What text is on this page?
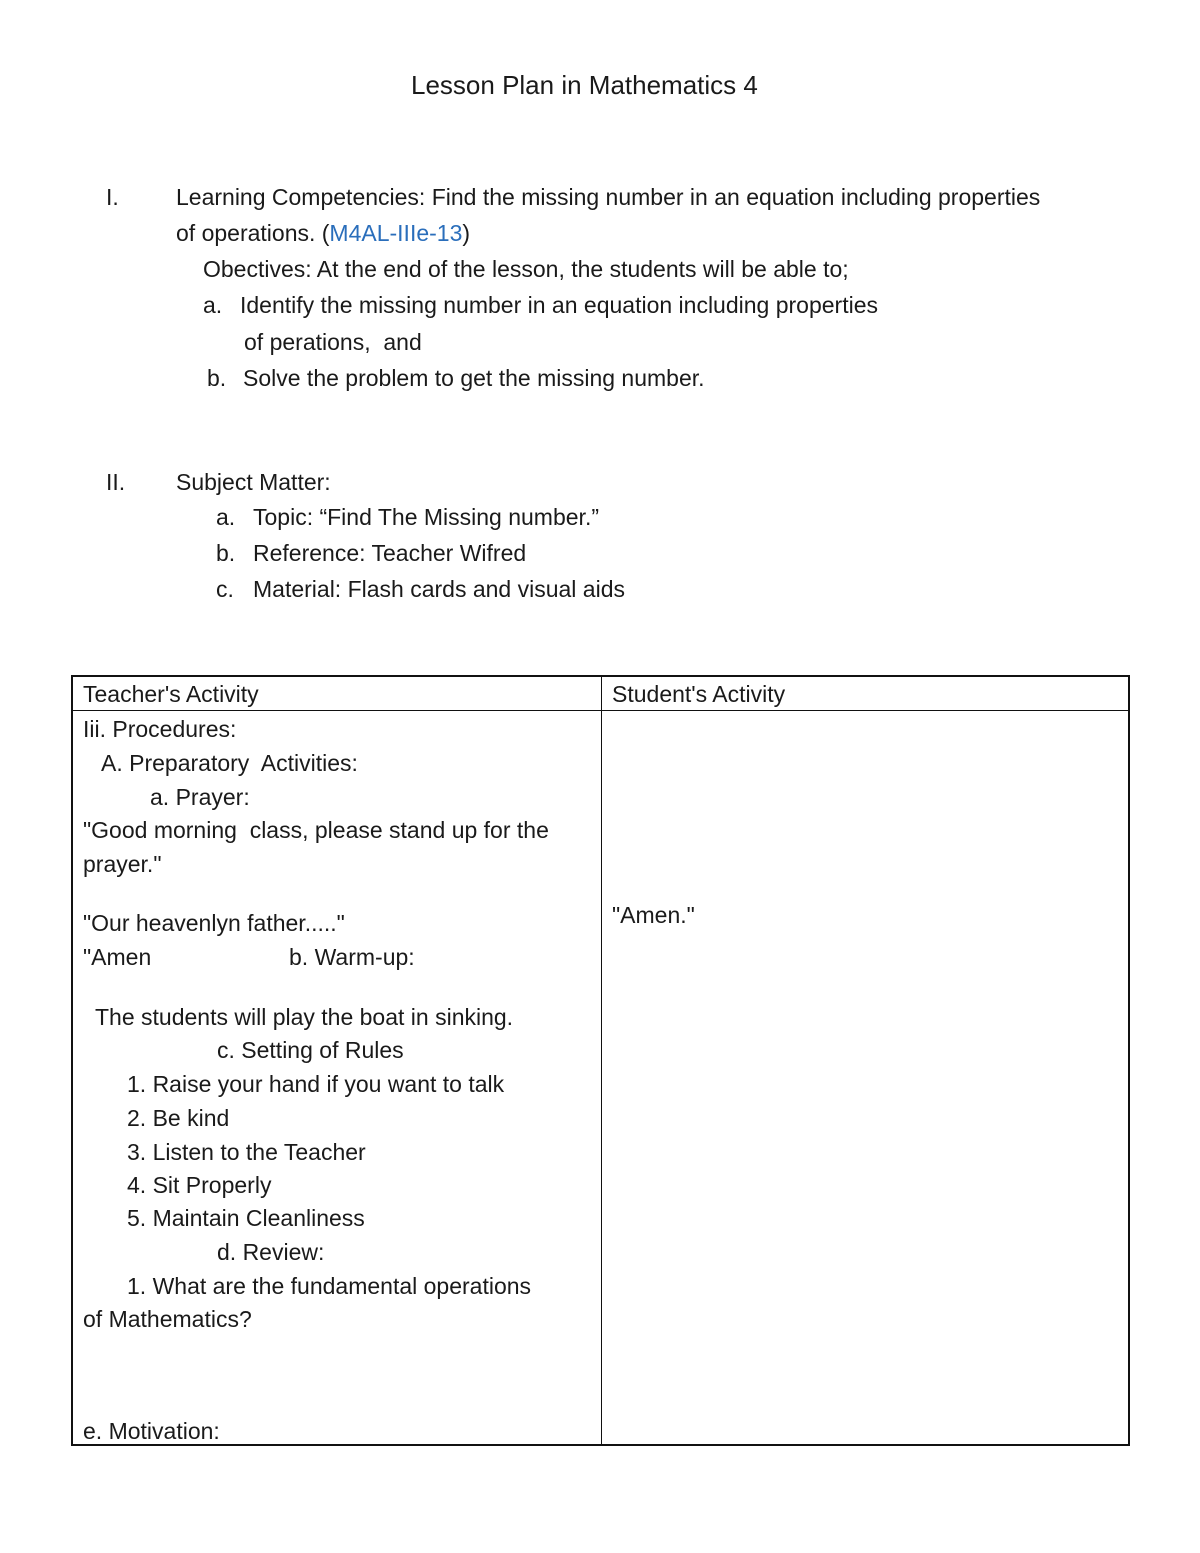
Lesson Plan in Mathematics 4
I. Learning Competencies: Find the missing number in an equation including properties
of operations. (M4AL-IIIe-13)
Obectives: At the end of the lesson, the students will be able to;
a. Identify the missing number in an equation including properties
of perations,  and
b. Solve the problem to get the missing number.
II. Subject Matter:
a. Topic: “Find The Missing number.”
b. Reference: Teacher Wifred
c. Material: Flash cards and visual aids
Teacher's Activity	Student's Activity
Iii. Procedures:
A. Preparatory  Activities:
a. Prayer:
"Good morning  class, please stand up for the
prayer."
"Our heavenlyn father....."
"Amen	b. Warm-up:
The students will play the boat in sinking.
c. Setting of Rules
1. Raise your hand if you want to talk
2. Be kind
3. Listen to the Teacher
4. Sit Properly
5. Maintain Cleanliness
d. Review:
1. What are the fundamental operations
of Mathematics?
e. Motivation:
"Amen."
